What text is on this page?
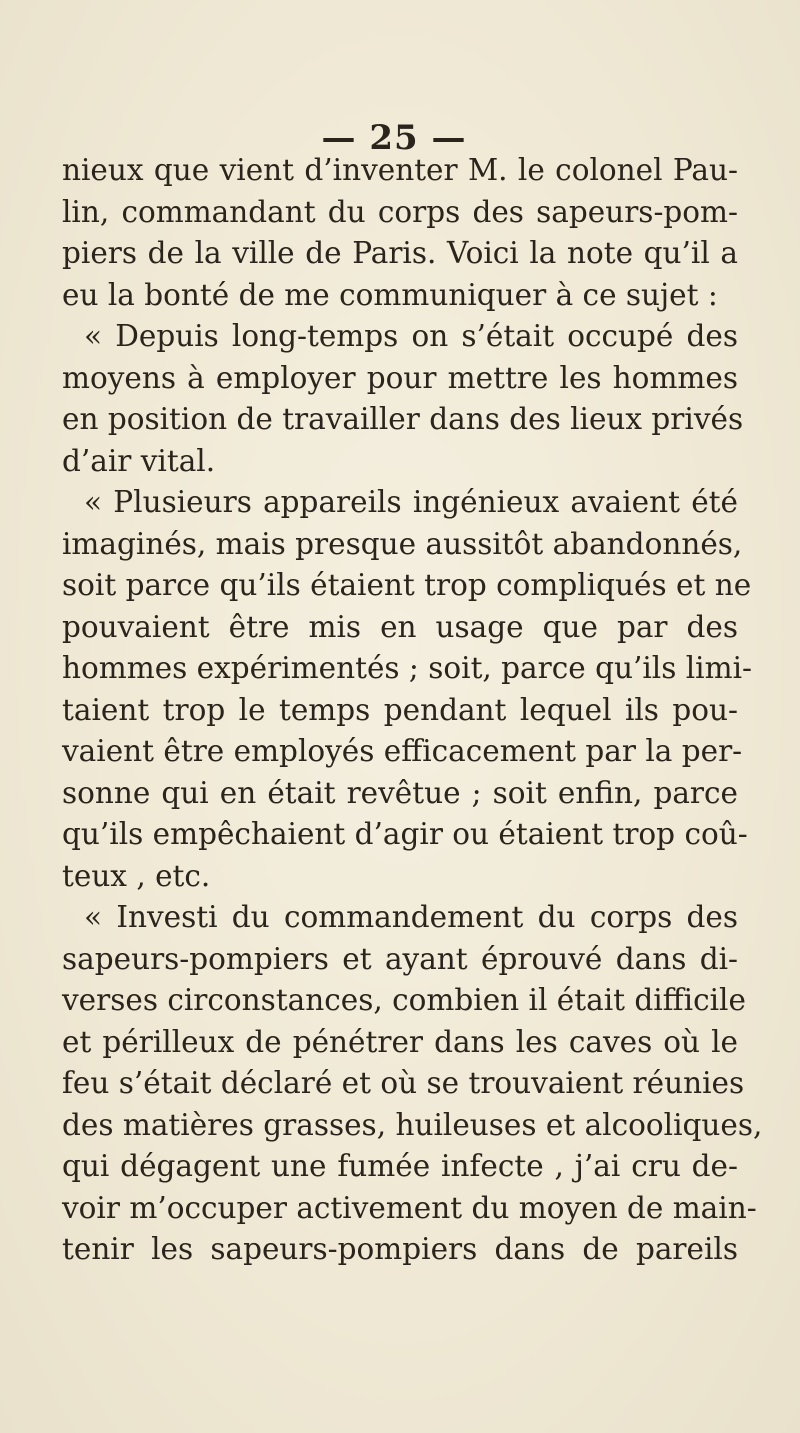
— 25 —
nieux que vient d’inventer M. le colonel Pau-
lin, commandant du corps des sapeurs-pom-
piers de la ville de Paris. Voici la note qu’il a
eu la bonté de me communiquer à ce sujet :
« Depuis long-temps on s’était occupé des
moyens à employer pour mettre les hommes
en position de travailler dans des lieux privés
d’air vital.
« Plusieurs appareils ingénieux avaient été
imaginés, mais presque aussitôt abandonnés,
soit parce qu’ils étaient trop compliqués et ne
pouvaient être mis en usage que par des
hommes expérimentés ; soit, parce qu’ils limi-
taient trop le temps pendant lequel ils pou-
vaient être employés efficacement par la per-
sonne qui en était revêtue ; soit enfin, parce
qu’ils empêchaient d’agir ou étaient trop coû-
teux , etc.
« Investi du commandement du corps des
sapeurs-pompiers et ayant éprouvé dans di-
verses circonstances, combien il était difficile
et périlleux de pénétrer dans les caves où le
feu s’était déclaré et où se trouvaient réunies
des matières grasses, huileuses et alcooliques,
qui dégagent une fumée infecte , j’ai cru de-
voir m’occuper activement du moyen de main-
tenir les sapeurs-pompiers dans de pareils
